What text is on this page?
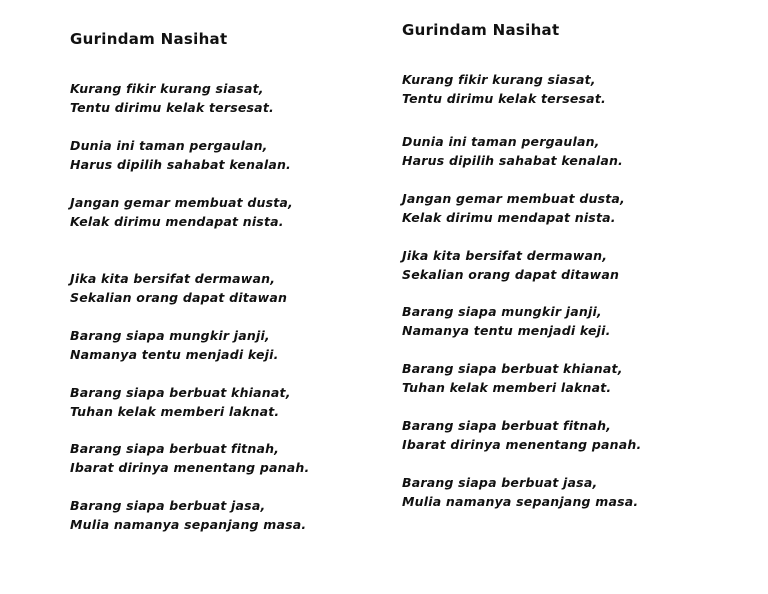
Gurindam Nasihat

Kurang fikir kurang siasat,

Tentu dirimu kelak tersesat.

Dunia ini taman pergaulan,

Harus dipilih sahabat kenalan.

Jangan gemar membuat dusta,

Kelak dirimu mendapat nista.

Jika kita bersifat dermawan,

Sekalian orang dapat ditawan

Barang siapa mungkir janji,

Namanya tentu menjadi keji.

Barang siapa berbuat khianat,

Tuhan kelak memberi laknat.

Barang siapa berbuat fitnah,

Ibarat dirinya menentang panah.

Barang siapa berbuat jasa,

Mulia namanya sepanjang masa.

Gurindam Nasihat

Kurang fikir kurang siasat,

Tentu dirimu kelak tersesat.

Dunia ini taman pergaulan,

Harus dipilih sahabat kenalan.

Jangan gemar membuat dusta,

Kelak dirimu mendapat nista.

Jika kita bersifat dermawan,

Sekalian orang dapat ditawan

Barang siapa mungkir janji,

Namanya tentu menjadi keji.

Barang siapa berbuat khianat,

Tuhan kelak memberi laknat.

Barang siapa berbuat fitnah,

Ibarat dirinya menentang panah.

Barang siapa berbuat jasa,

Mulia namanya sepanjang masa.
